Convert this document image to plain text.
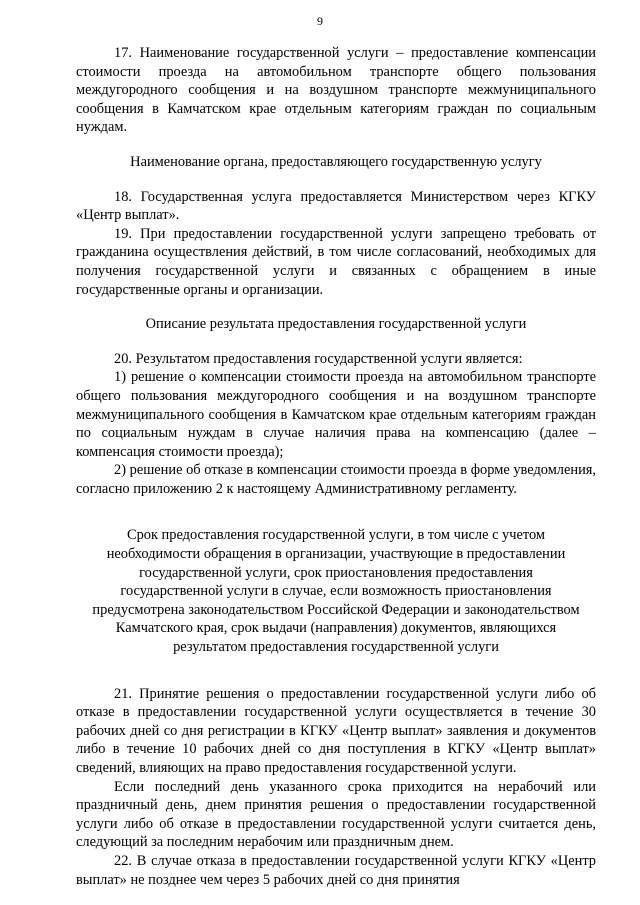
9

17. Наименование государственной услуги – предоставление компенсации стоимости проезда на автомобильном транспорте общего пользования междугородного сообщения и на воздушном транспорте межмуниципального сообщения в Камчатском крае отдельным категориям граждан по социальным нуждам.

Наименование органа, предоставляющего государственную услугу

18. Государственная услуга предоставляется Министерством через КГКУ «Центр выплат».

19. При предоставлении государственной услуги запрещено требовать от гражданина осуществления действий, в том числе согласований, необходимых для получения государственной услуги и связанных с обращением в иные государственные органы и организации.

Описание результата предоставления государственной услуги

20. Результатом предоставления государственной услуги является:

1) решение о компенсации стоимости проезда на автомобильном транспорте общего пользования междугородного сообщения и на воздушном транспорте межмуниципального сообщения в Камчатском крае отдельным категориям граждан по социальным нуждам в случае наличия права на компенсацию (далее – компенсация стоимости проезда);

2) решение об отказе в компенсации стоимости проезда в форме уведомления, согласно приложению 2 к настоящему Административному регламенту.

Срок предоставления государственной услуги, в том числе с учетом
необходимости обращения в организации, участвующие в предоставлении
государственной услуги, срок приостановления предоставления
государственной услуги в случае, если возможность приостановления
предусмотрена законодательством Российской Федерации и законодательством
Камчатского края, срок выдачи (направления) документов, являющихся
результатом предоставления государственной услуги

21. Принятие решения о предоставлении государственной услуги либо об отказе в предоставлении государственной услуги осуществляется в течение 30 рабочих дней со дня регистрации в КГКУ «Центр выплат» заявления и документов либо в течение 10 рабочих дней со дня поступления в КГКУ «Центр выплат» сведений, влияющих на право предоставления государственной услуги.

Если последний день указанного срока приходится на нерабочий или праздничный день, днем принятия решения о предоставлении государственной услуги либо об отказе в предоставлении государственной услуги считается день, следующий за последним нерабочим или праздничным днем.

22. В случае отказа в предоставлении государственной услуги КГКУ «Центр выплат» не позднее чем через 5 рабочих дней со дня принятия
